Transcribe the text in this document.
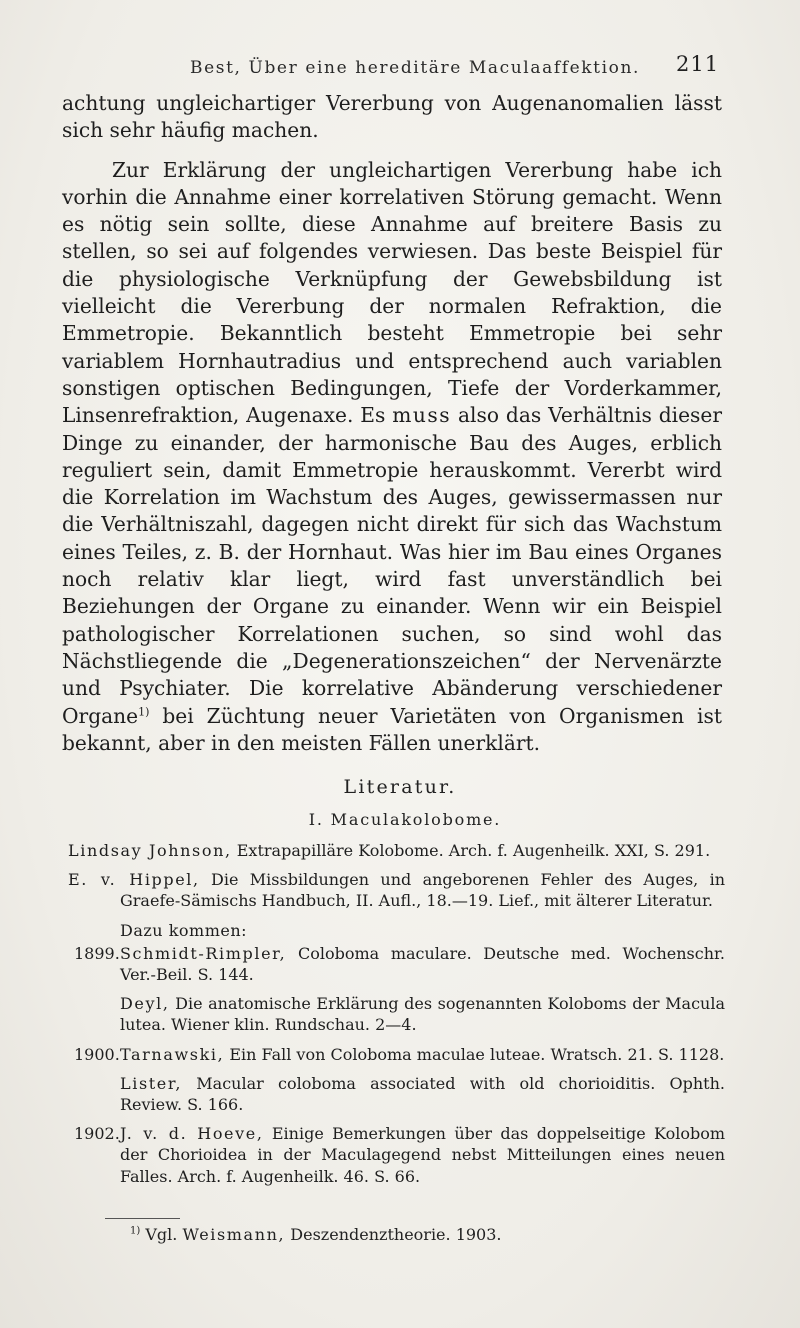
Best, Über eine hereditäre Maculaaffektion. 211

achtung ungleichartiger Vererbung von Augenanomalien lässt sich sehr häufig machen.

Zur Erklärung der ungleichartigen Vererbung habe ich vorhin die Annahme einer korrelativen Störung gemacht. Wenn es nötig sein sollte, diese Annahme auf breitere Basis zu stellen, so sei auf folgendes verwiesen. Das beste Beispiel für die physiologische Verknüpfung der Gewebsbildung ist vielleicht die Vererbung der normalen Refraktion, die Emmetropie. Bekanntlich besteht Emmetropie bei sehr variablem Hornhautradius und entsprechend auch variablen sonstigen optischen Bedingungen, Tiefe der Vorderkammer, Linsenrefraktion, Augenaxe. Es muss also das Verhältnis dieser Dinge zu einander, der harmonische Bau des Auges, erblich reguliert sein, damit Emmetropie herauskommt. Vererbt wird die Korrelation im Wachstum des Auges, gewissermassen nur die Verhältniszahl, dagegen nicht direkt für sich das Wachstum eines Teiles, z. B. der Hornhaut. Was hier im Bau eines Organes noch relativ klar liegt, wird fast unverständlich bei Beziehungen der Organe zu einander. Wenn wir ein Beispiel pathologischer Korrelationen suchen, so sind wohl das Nächstliegende die „Degenerationszeichen“ der Nervenärzte und Psychiater. Die korrelative Abänderung verschiedener Organe$^{1)}$ bei Züchtung neuer Varietäten von Organismen ist bekannt, aber in den meisten Fällen unerklärt.

Literatur.
I. Maculakolobome.
Lindsay Johnson, Extrapapilläre Kolobome. Arch. f. Augenheilk. XXI, S. 291.
E. v. Hippel, Die Missbildungen und angeborenen Fehler des Auges, in Graefe-Sämischs Handbuch, II. Aufl., 18.—19. Lief., mit älterer Literatur.
Dazu kommen:
1899. Schmidt-Rimpler, Coloboma maculare. Deutsche med. Wochenschr. Ver.-Beil. S. 144.
Deyl, Die anatomische Erklärung des sogenannten Koloboms der Macula lutea. Wiener klin. Rundschau. 2—4.
1900. Tarnawski, Ein Fall von Coloboma maculae luteae. Wratsch. 21. S. 1128.
Lister, Macular coloboma associated with old chorioiditis. Ophth. Review. S. 166.
1902. J. v. d. Hoeve, Einige Bemerkungen über das doppelseitige Kolobom der Chorioidea in der Maculagegend nebst Mitteilungen eines neuen Falles. Arch. f. Augenheilk. 46. S. 66.
$^{1)}$ Vgl. Weismann, Deszendenztheorie. 1903.
